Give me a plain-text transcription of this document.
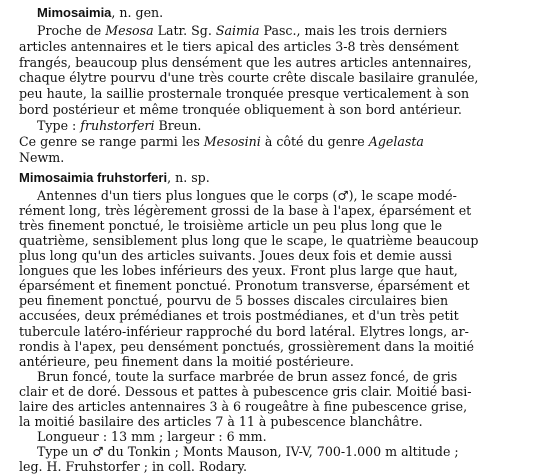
Mimosaimia, n. gen.
Proche de Mesosa Latr. Sg. Saimia Pasc., mais les trois derniers
articles antennaires et le tiers apical des articles 3-8 très densément
frangés, beaucoup plus densément que les autres articles antennaires,
chaque élytre pourvu d'une très courte crête discale basilaire granulée,
peu haute, la saillie prosternale tronquée presque verticalement à son
bord postérieur et même tronquée obliquement à son bord antérieur.
Type : fruhstorferi Breun.
Ce genre se range parmi les Mesosini à côté du genre Agelasta
Newm.
Mimosaimia fruhstorferi, n. sp.
Antennes d'un tiers plus longues que le corps (♂), le scape modé-
rément long, très légèrement grossi de la base à l'apex, éparsément et
très finement ponctué, le troisième article un peu plus long que le
quatrième, sensiblement plus long que le scape, le quatrième beaucoup
plus long qu'un des articles suivants. Joues deux fois et demie aussi
longues que les lobes inférieurs des yeux. Front plus large que haut,
éparsément et finement ponctué. Pronotum transverse, éparsément et
peu finement ponctué, pourvu de 5 bosses discales circulaires bien
accusées, deux prémédianes et trois postmédianes, et d'un très petit
tubercule latéro-inférieur rapproché du bord latéral. Elytres longs, ar-
rondis à l'apex, peu densément ponctués, grossièrement dans la moitié
antérieure, peu finement dans la moitié postérieure.
Brun foncé, toute la surface marbrée de brun assez foncé, de gris
clair et de doré. Dessous et pattes à pubescence gris clair. Moitié basi-
laire des articles antennaires 3 à 6 rougeâtre à fine pubescence grise,
la moitié basilaire des articles 7 à 11 à pubescence blanchâtre.
Longueur : 13 mm ; largeur : 6 mm.
Type un ♂ du Tonkin ; Monts Mauson, IV-V, 700-1.000 m altitude ;
leg. H. Fruhstorfer ; in coll. Rodary.
